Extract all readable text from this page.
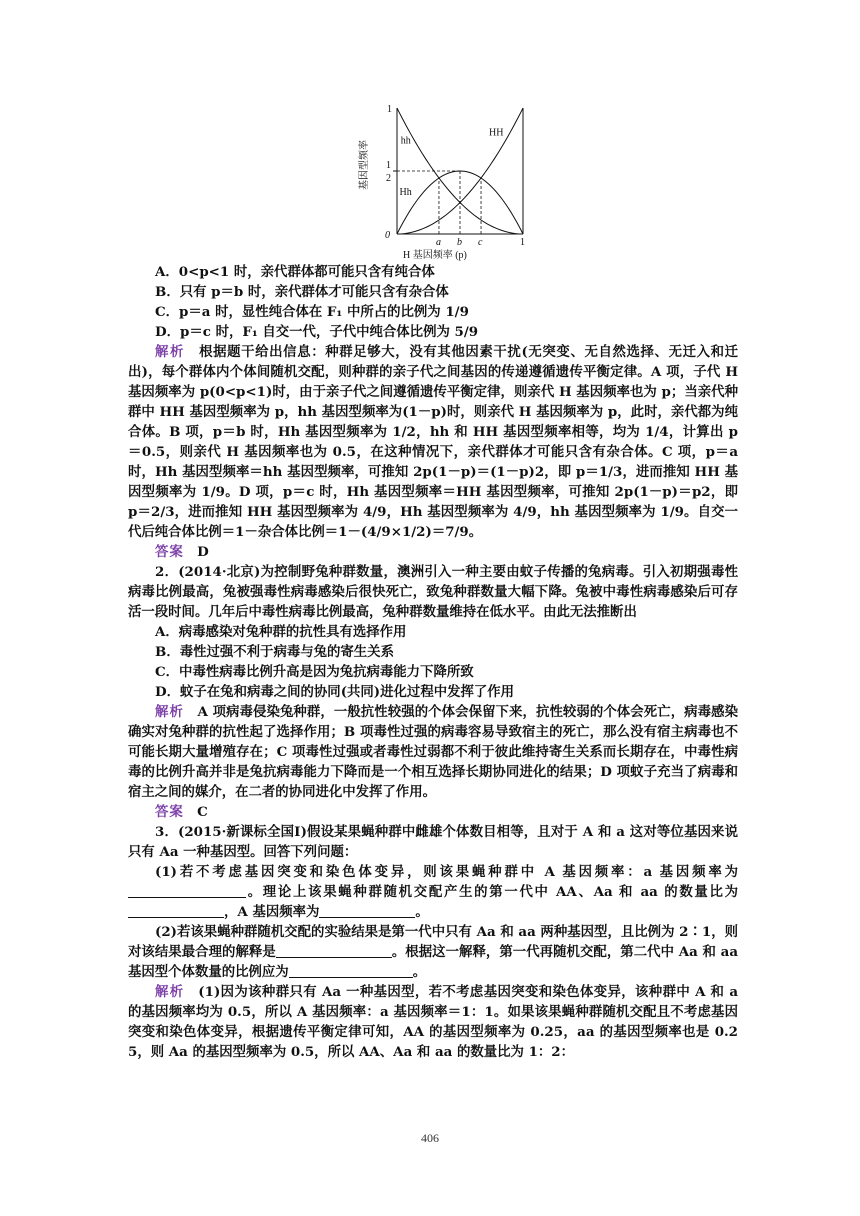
1
1
2
0
a b c	1
H 基因频率 (p)
基因型频率	hh
HH
Hh
A．0<p<1 时，亲代群体都可能只含有纯合体
B．只有 p＝b 时，亲代群体才可能只含有杂合体
C．p＝a 时，显性纯合体在 F₁ 中所占的比例为 1/9
D．p＝c 时，F₁ 自交一代，子代中纯合体比例为 5/9
解析　 根据题干给出信息：种群足够大，没有其他因素干扰(无突变、无自然选择、无迁入和迁出)，每个群体内个体间随机交配，则种群的亲子代之间基因的传递遵循遗传平衡定律。A 项，子代 H 基因频率为 p(0<p<1)时，由于亲子代之间遵循遗传平衡定律，则亲代 H 基因频率也为 p；当亲代种群中 HH 基因型频率为 p，hh 基因型频率为(1－p)时，则亲代 H 基因频率为 p，此时，亲代都为纯合体。B 项，p＝b 时，Hh 基因型频率为 1/2，hh 和 HH 基因型频率相等，均为 1/4，计算出 p＝0.5，则亲代 H 基因频率也为 0.5，在这种情况下，亲代群体才可能只含有杂合体。C 项，p＝a 时，Hh 基因型频率＝hh 基因型频率，可推知 2p(1－p)＝(1－p)2，即 p＝1/3，进而推知 HH 基因型频率为 1/9。D 项，p＝c 时，Hh 基因型频率＝HH 基因型频率，可推知 2p(1－p)＝p2，即 p＝2/3，进而推知 HH 基因型频率为 4/9，Hh 基因型频率为 4/9，hh 基因型频率为 1/9。自交一代后纯合体比例＝1－杂合体比例＝1－(4/9×1/2)＝7/9。
答案　 D
2．(2014·北京)为控制野兔种群数量，澳洲引入一种主要由蚊子传播的兔病毒。引入初期强毒性病毒比例最高，兔被强毒性病毒感染后很快死亡，致兔种群数量大幅下降。兔被中毒性病毒感染后可存活一段时间。几年后中毒性病毒比例最高，兔种群数量维持在低水平。由此无法推断出
A．病毒感染对兔种群的抗性具有选择作用
B．毒性过强不利于病毒与兔的寄生关系
C．中毒性病毒比例升高是因为兔抗病毒能力下降所致
D．蚊子在兔和病毒之间的协同(共同)进化过程中发挥了作用
解析　 A 项病毒侵染兔种群，一般抗性较强的个体会保留下来，抗性较弱的个体会死亡，病毒感染确实对兔种群的抗性起了选择作用；B 项毒性过强的病毒容易导致宿主的死亡，那么没有宿主病毒也不可能长期大量增殖存在；C 项毒性过强或者毒性过弱都不利于彼此维持寄生关系而长期存在，中毒性病毒的比例升高并非是兔抗病毒能力下降而是一个相互选择长期协同进化的结果；D 项蚊子充当了病毒和宿主之间的媒介，在二者的协同进化中发挥了作用。
答案　 C
3．(2015·新课标全国Ⅰ)假设某果蝇种群中雌雄个体数目相等，且对于 A 和 a 这对等位基因来说只有 Aa 一种基因型。回答下列问题：
(1)若不考虑基因突变和染色体变异，则该果蝇种群中 A 基因频率：a 基因频率为。理论上该果蝇种群随机交配产生的第一代中 AA、Aa 和 aa 的数量比为，A 基因频率为	。
(2)若该果蝇种群随机交配的实验结果是第一代中只有 Aa 和 aa 两种基因型，且比例为 2∶1，则对该结果最合理的解释是	。根据这一解释，第一代再随机交配，第二代中 Aa 和 aa 基因型个体数量的比例应为	。
解析　 (1)因为该种群只有 Aa 一种基因型，若不考虑基因突变和染色体变异，该种群中 A 和 a 的基因频率均为 0.5，所以 A 基因频率：a 基因频率＝1：1。如果该果蝇种群随机交配且不考虑基因突变和染色体变异，根据遗传平衡定律可知，AA 的基因型频率为 0.25，aa 的基因型频率也是 0.25，则 Aa 的基因型频率为 0.5，所以 AA、Aa 和 aa 的数量比为 1：2：
406
